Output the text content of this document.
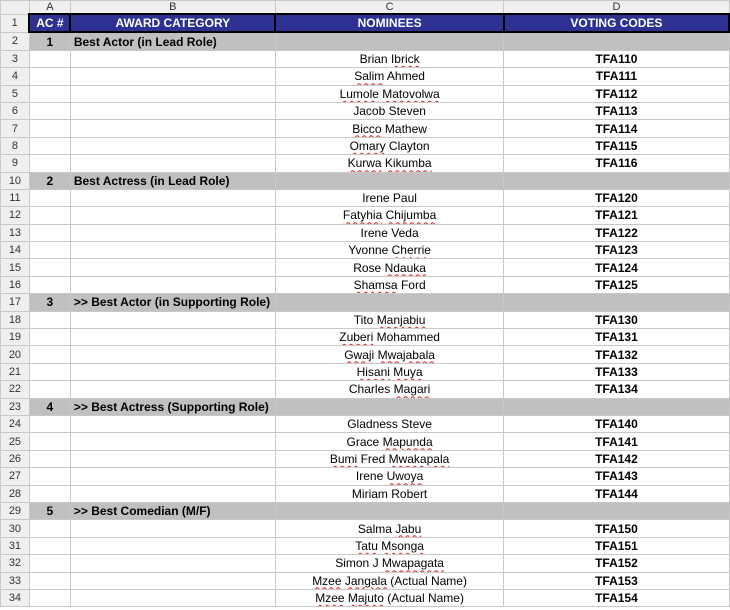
	A	B	C	D
1	AC #	AWARD CATEGORY	NOMINEES	VOTING CODES
2	1	Best Actor (in Lead Role)		
3			Brian Ibrick	TFA110
4			Salim Ahmed	TFA111
5			Lumole Matovolwa	TFA112
6			Jacob Steven	TFA113
7			Bicco Mathew	TFA114
8			Omary Clayton	TFA115
9			Kurwa Kikumba	TFA116
10	2	Best Actress (in Lead Role)		
11			Irene Paul	TFA120
12			Fatyhia Chijumba	TFA121
13			Irene Veda	TFA122
14			Yvonne Cherrie	TFA123
15			Rose Ndauka	TFA124
16			Shamsa Ford	TFA125
17	3	>> Best Actor (in Supporting Role)		
18			Tito Manjabiu	TFA130
19			Zuberi Mohammed	TFA131
20			Gwaji Mwajabala	TFA132
21			Hisani Muya	TFA133
22			Charles Magari	TFA134
23	4	>> Best Actress (Supporting Role)		
24			Gladness Steve	TFA140
25			Grace Mapunda	TFA141
26			Bumi Fred Mwakapala	TFA142
27			Irene Uwoya	TFA143
28			Miriam Robert	TFA144
29	5	>> Best Comedian (M/F)		
30			Salma Jabu	TFA150
31			Tatu Msonga	TFA151
32			Simon J Mwapagata	TFA152
33			Mzee Jangala (Actual Name)	TFA153
34			Mzee Majuto (Actual Name)	TFA154
